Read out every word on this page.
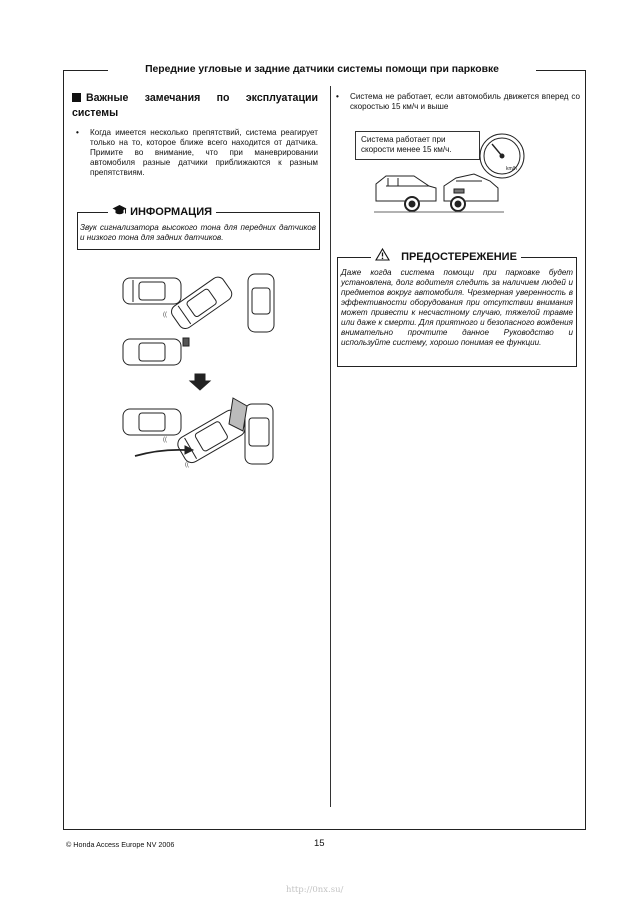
Передние угловые и задние датчики системы помощи при парковке
Важные замечания по эксплуатации системы
• Когда имеется несколько препятствий, система реагирует только на то, которое ближе всего находится от датчика. Примите во внимание, что при маневрировании автомобиля разные датчики приближаются к разным препятствиям.
ИНФОРМАЦИЯ
Звук сигнализатора высокого тона для передних датчиков и низкого тона для задних датчиков.
((
((
((
• Система не работает, если автомобиль движется вперед со скоростью 15 км/ч и выше
Система работает при скорости менее 15 км/ч.
km/h
ПРЕДОСТЕРЕЖЕНИЕ
Даже когда система помощи при парковке будет установлена, долг водителя следить за наличием людей и предметов вокруг автомобиля. Чрезмерная уверенность в эффективности оборудования при отсутствии внимания может привести к несчастному случаю, тяжелой травме или даже к смерти. Для приятного и безопасного вождения внимательно прочтите данное Руководство и используйте систему, хорошо понимая ее функции.
© Honda Access Europe NV 2006	15
http://0nx.su/
